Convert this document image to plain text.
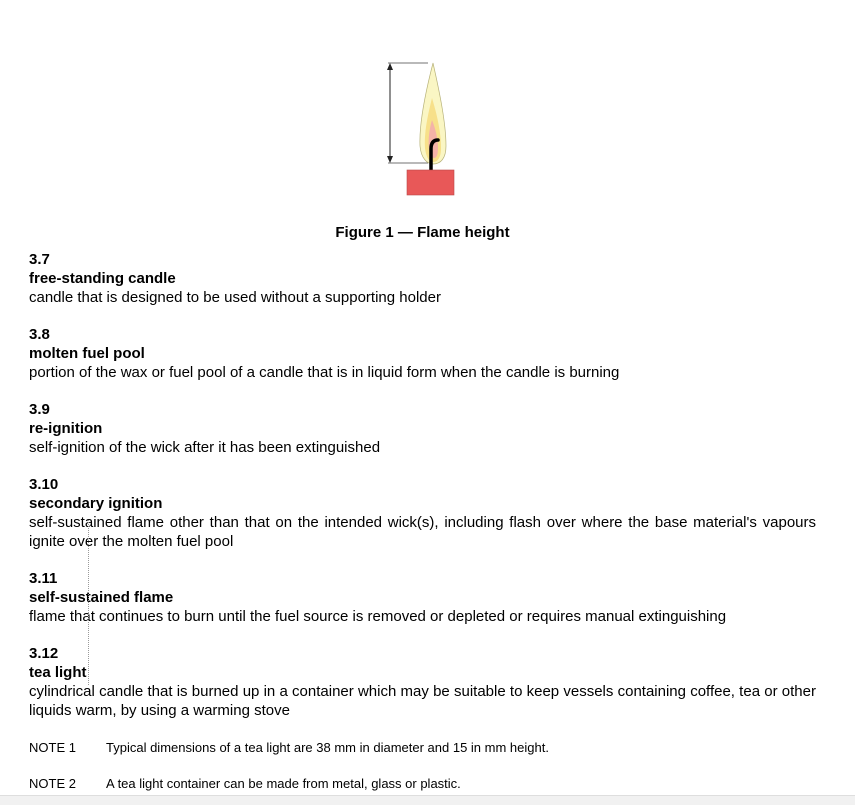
Figure 1 — Flame height
3.7
free-standing candle
candle that is designed to be used without a supporting holder
3.8
molten fuel pool
portion of the wax or fuel pool of a candle that is in liquid form when the candle is burning
3.9
re-ignition
self-ignition of the wick after it has been extinguished
3.10
secondary ignition
self-sustained flame other than that on the intended wick(s), including flash over where the base material's vapours ignite over the molten fuel pool
3.11
self-sustained flame
flame that continues to burn until the fuel source is removed or depleted or requires manual extinguishing
3.12
tea light
cylindrical candle that is burned up in a container which may be suitable to keep vessels containing coffee, tea or other liquids warm, by using a warming stove
NOTE 1	Typical dimensions of a tea light are 38 mm in diameter and 15 in mm height.
NOTE 2	A tea light container can be made from metal, glass or plastic.
